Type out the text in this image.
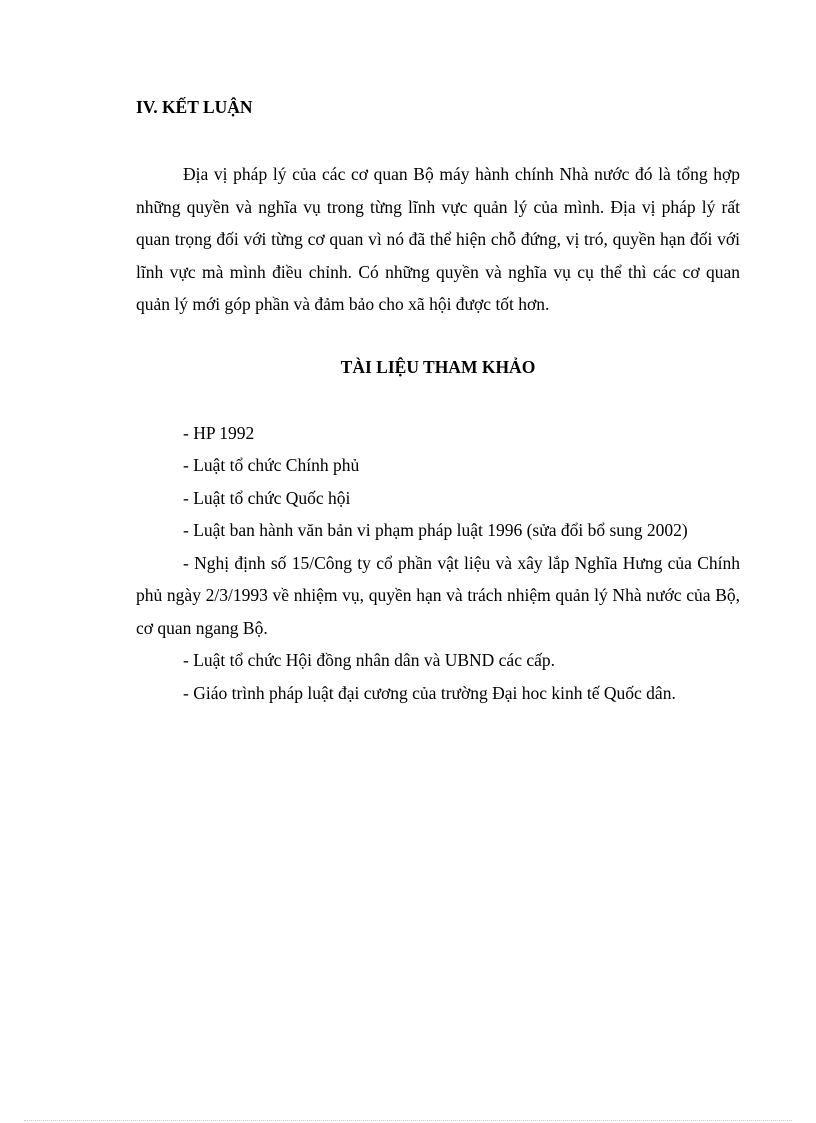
IV. KẾT LUẬN

Địa vị pháp lý của các cơ quan Bộ máy hành chính Nhà nước đó là tổng hợp những quyền và nghĩa vụ trong từng lĩnh vực quản lý của mình. Địa vị pháp lý rất quan trọng đối với từng cơ quan vì nó đã thể hiện chỗ đứng, vị tró, quyền hạn đối với lĩnh vực mà mình điều chỉnh. Có những quyền và nghĩa vụ cụ thể thì các cơ quan quản lý mới góp phần và đảm bảo cho xã hội được tốt hơn.

TÀI LIỆU THAM KHẢO
- HP 1992
- Luật tổ chức Chính phủ
- Luật tổ chức Quốc hội
- Luật ban hành văn bản vi phạm pháp luật 1996 (sửa đổi bổ sung 2002)
- Nghị định số 15/Công ty cổ phần vật liệu và xây lắp Nghĩa Hưng của Chính phủ ngày 2/3/1993 về nhiệm vụ, quyền hạn và trách nhiệm quản lý Nhà nước của Bộ, cơ quan ngang Bộ.
- Luật tổ chức Hội đồng nhân dân và UBND các cấp.
- Giáo trình pháp luật đại cương của trường Đại hoc kinh tế Quốc dân.
